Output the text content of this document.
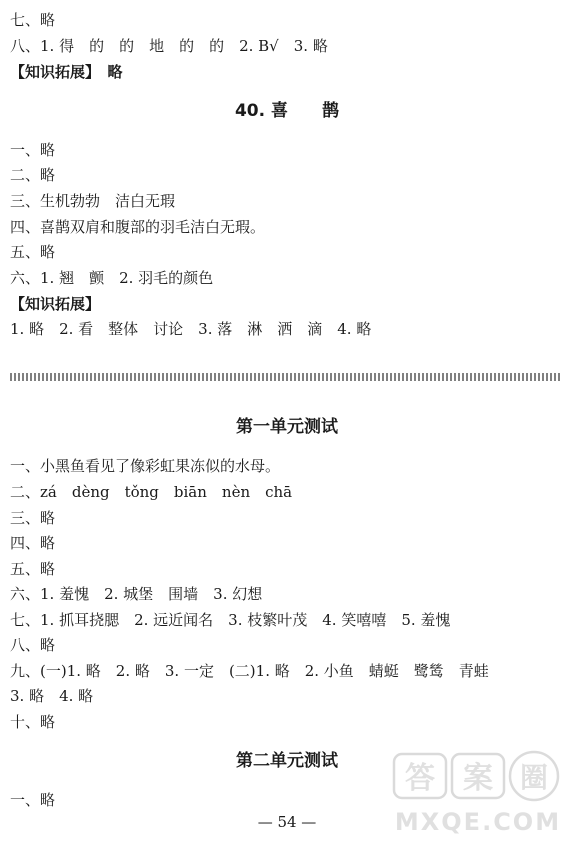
七、略
八、1. 得　的　的　地　的　的　2. B√　3. 略
【知识拓展】　略
40. 喜　　鹊
一、略
二、略
三、生机勃勃　洁白无瑕
四、喜鹊双肩和腹部的羽毛洁白无瑕。
五、略
六、1. 翘　颤　2. 羽毛的颜色
【知识拓展】
1. 略　2. 看　整体　讨论　3. 落　淋　洒　滴　4. 略
第一单元测试
一、小黑鱼看见了像彩虹果冻似的水母。
二、zá　dèng　tǒng　biān　nèn　chā
三、略
四、略
五、略
六、1. 羞愧　2. 城堡　围墙　3. 幻想
七、1. 抓耳挠腮　2. 远近闻名　3. 枝繁叶茂　4. 笑嘻嘻　5. 羞愧
八、略
九、(一)1. 略　2. 略　3. 一定　(二)1. 略　2. 小鱼　蜻蜓　鹭鸶　青蛙
3. 略　4. 略
十、略
第二单元测试
一、略
— 54 —
答 案 圈
MXQE.COM
